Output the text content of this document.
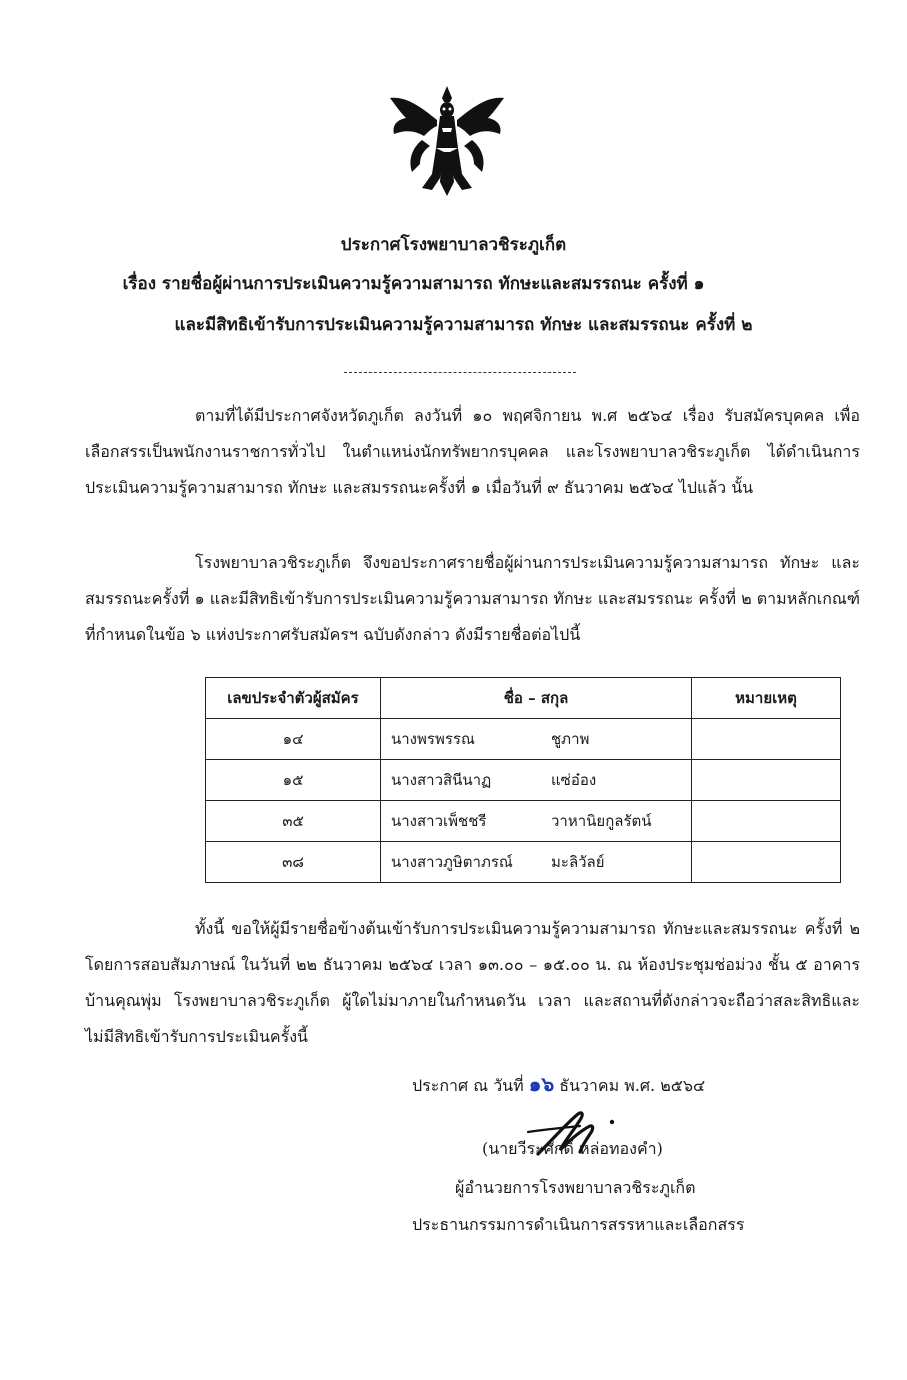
ประกาศโรงพยาบาลวชิระภูเก็ต
เรื่อง รายชื่อผู้ผ่านการประเมินความรู้ความสามารถ ทักษะและสมรรถนะ ครั้งที่ ๑
และมีสิทธิเข้ารับการประเมินความรู้ความสามารถ ทักษะ และสมรรถนะ ครั้งที่ ๒

ตามที่ได้มีประกาศจังหวัดภูเก็ต ลงวันที่ ๑๐ พฤศจิกายน พ.ศ ๒๕๖๔ เรื่อง รับสมัครบุคคล เพื่อเลือกสรรเป็นพนักงานราชการทั่วไป ในตำแหน่งนักทรัพยากรบุคคล และโรงพยาบาลวชิระภูเก็ต ได้ดำเนินการประเมินความรู้ความสามารถ ทักษะ และสมรรถนะครั้งที่ ๑ เมื่อวันที่ ๙ ธันวาคม ๒๕๖๔ ไปแล้ว นั้น

โรงพยาบาลวชิระภูเก็ต จึงขอประกาศรายชื่อผู้ผ่านการประเมินความรู้ความสามารถ ทักษะ และสมรรถนะครั้งที่ ๑ และมีสิทธิเข้ารับการประเมินความรู้ความสามารถ ทักษะ และสมรรถนะ ครั้งที่ ๒ ตามหลักเกณฑ์ที่กำหนดในข้อ ๖ แห่งประกาศรับสมัครฯ ฉบับดังกล่าว ดังมีรายชื่อต่อไปนี้

เลขประจำตัวผู้สมัคร	ชื่อ – สกุล	หมายเหตุ
๑๔	นางพรพรรณ ชูภาพ	
๑๕	นางสาวสินีนาฏ แซ่อ๋อง	
๓๕	นางสาวเพ็ชชรี วาหานิยกูลรัตน์	
๓๘	นางสาวภูษิตาภรณ์ มะลิวัลย์	

ทั้งนี้ ขอให้ผู้มีรายชื่อข้างต้นเข้ารับการประเมินความรู้ความสามารถ ทักษะและสมรรถนะ ครั้งที่ ๒ โดยการสอบสัมภาษณ์ ในวันที่ ๒๒ ธันวาคม ๒๕๖๔ เวลา ๑๓.๐๐ – ๑๕.๐๐ น. ณ ห้องประชุมช่อม่วง ชั้น ๕ อาคารบ้านคุณพุ่ม โรงพยาบาลวชิระภูเก็ต ผู้ใดไม่มาภายในกำหนดวัน เวลา และสถานที่ดังกล่าวจะถือว่าสละสิทธิและไม่มีสิทธิเข้ารับการประเมินครั้งนี้

ประกาศ ณ วันที่ ๑๖ ธันวาคม พ.ศ. ๒๕๖๔
(นายวีระศักดิ์ หล่อทองคำ)
ผู้อำนวยการโรงพยาบาลวชิระภูเก็ต
ประธานกรรมการดำเนินการสรรหาและเลือกสรร
